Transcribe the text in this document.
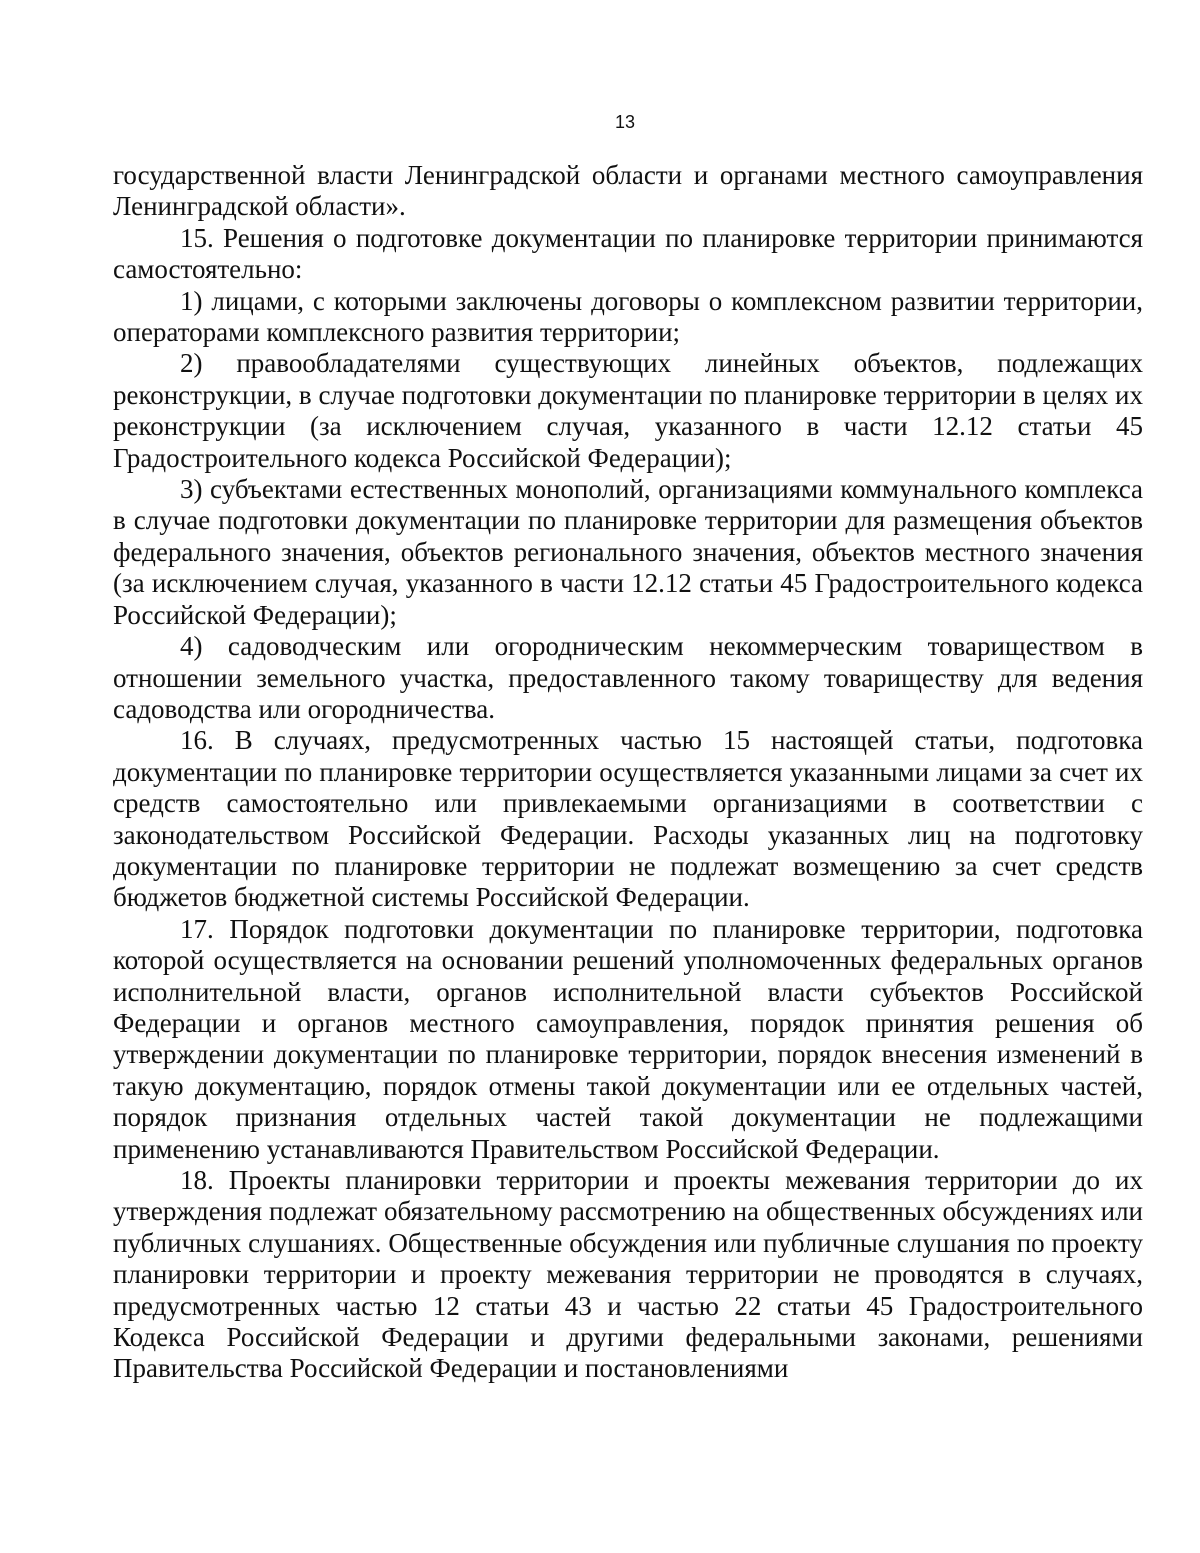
13

государственной власти Ленинградской области и органами местного самоуправления Ленинградской области».

15. Решения о подготовке документации по планировке территории принимаются самостоятельно:

1) лицами, с которыми заключены договоры о комплексном развитии территории, операторами комплексного развития территории;

2) правообладателями существующих линейных объектов, подлежащих реконструкции, в случае подготовки документации по планировке территории в целях их реконструкции (за исключением случая, указанного в части 12.12 статьи 45 Градостроительного кодекса Российской Федерации);

3) субъектами естественных монополий, организациями коммунального комплекса в случае подготовки документации по планировке территории для размещения объектов федерального значения, объектов регионального значения, объектов местного значения (за исключением случая, указанного в части 12.12 статьи 45 Градостроительного кодекса Российской Федерации);

4) садоводческим или огородническим некоммерческим товариществом в отношении земельного участка, предоставленного такому товариществу для ведения садоводства или огородничества.

16. В случаях, предусмотренных частью 15 настоящей статьи, подготовка документации по планировке территории осуществляется указанными лицами за счет их средств самостоятельно или привлекаемыми организациями в соответствии с законодательством Российской Федерации. Расходы указанных лиц на подготовку документации по планировке территории не подлежат возмещению за счет средств бюджетов бюджетной системы Российской Федерации.

17. Порядок подготовки документации по планировке территории, подготовка которой осуществляется на основании решений уполномоченных федеральных органов исполнительной власти, органов исполнительной власти субъектов Российской Федерации и органов местного самоуправления, порядок принятия решения об утверждении документации по планировке территории, порядок внесения изменений в такую документацию, порядок отмены такой документации или ее отдельных частей, порядок признания отдельных частей такой документации не подлежащими применению устанавливаются Правительством Российской Федерации.

18. Проекты планировки территории и проекты межевания территории до их утверждения подлежат обязательному рассмотрению на общественных обсуждениях или публичных слушаниях. Общественные обсуждения или публичные слушания по проекту планировки территории и проекту межевания территории не проводятся в случаях, предусмотренных частью 12 статьи 43 и частью 22 статьи 45 Градостроительного Кодекса Российской Федерации и другими федеральными законами, решениями Правительства Российской Федерации и постановлениями
